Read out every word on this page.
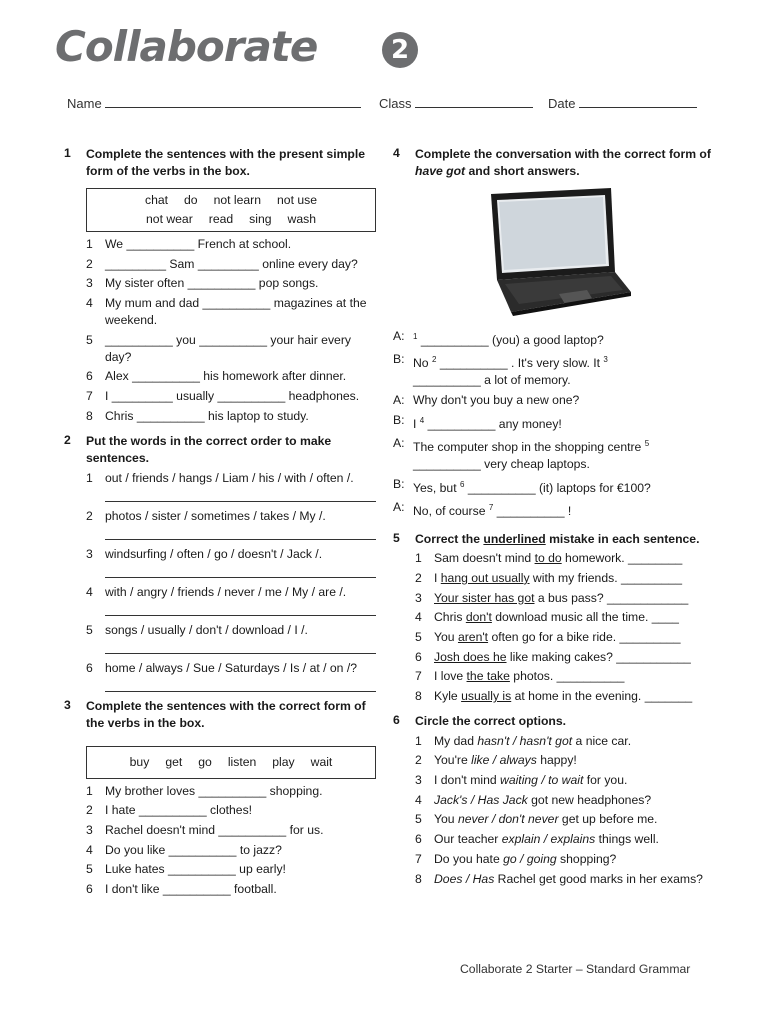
Collaborate	2
Name	Class	Date
1 Complete the sentences with the present simple form of the verbs in the box.
chat do not learn not use
not wear read sing wash
1 We __________ French at school.
2 _________ Sam _________ online every day?
3 My sister often __________ pop songs.
4 My mum and dad __________ magazines at the weekend.
5 __________ you __________ your hair every day?
6 Alex __________ his homework after dinner.
7 I _________ usually __________ headphones.
8 Chris __________ his laptop to study.
2 Put the words in the correct order to make sentences.
1 out / friends / hangs / Liam / his / with / often /.
2 photos / sister / sometimes / takes / My /.
3 windsurfing / often / go / doesn't / Jack /.
4 with / angry / friends / never / me / My / are /.
5 songs / usually / don't / download / I /.
6 home / always / Sue / Saturdays / Is / at / on /?
3 Complete the sentences with the correct form of the verbs in the box.
buy get go listen play wait
1 My brother loves __________ shopping.
2 I hate __________ clothes!
3 Rachel doesn't mind __________ for us.
4 Do you like __________ to jazz?
5 Luke hates __________ up early!
6 I don't like __________ football.
4 Complete the conversation with the correct form of have got and short answers.
A: $^1$ __________ (you) a good laptop?
B: No $^2$ __________ . It's very slow. It $^3$
__________ a lot of memory.
A: Why don't you buy a new one?
B: I $^4$ __________ any money!
A: The computer shop in the shopping centre $^5$
__________ very cheap laptops.
B: Yes, but $^6$ __________ (it) laptops for €100?
A: No, of course $^7$ __________ !
5 Correct the underlined mistake in each sentence.
1 Sam doesn't mind to do homework. ________
2 I hang out usually with my friends. _________
3 Your sister has got a bus pass? ____________
4 Chris don't download music all the time. ____
5 You aren't often go for a bike ride. _________
6 Josh does he like making cakes? ___________
7 I love the take photos. __________
8 Kyle usually is at home in the evening. _______
6 Circle the correct options.
1 My dad hasn't / hasn't got a nice car.
2 You're like / always happy!
3 I don't mind waiting / to wait for you.
4 Jack's / Has Jack got new headphones?
5 You never / don't never get up before me.
6 Our teacher explain / explains things well.
7 Do you hate go / going shopping?
8 Does / Has Rachel get good marks in her exams?
Collaborate 2 Starter – Standard Grammar
